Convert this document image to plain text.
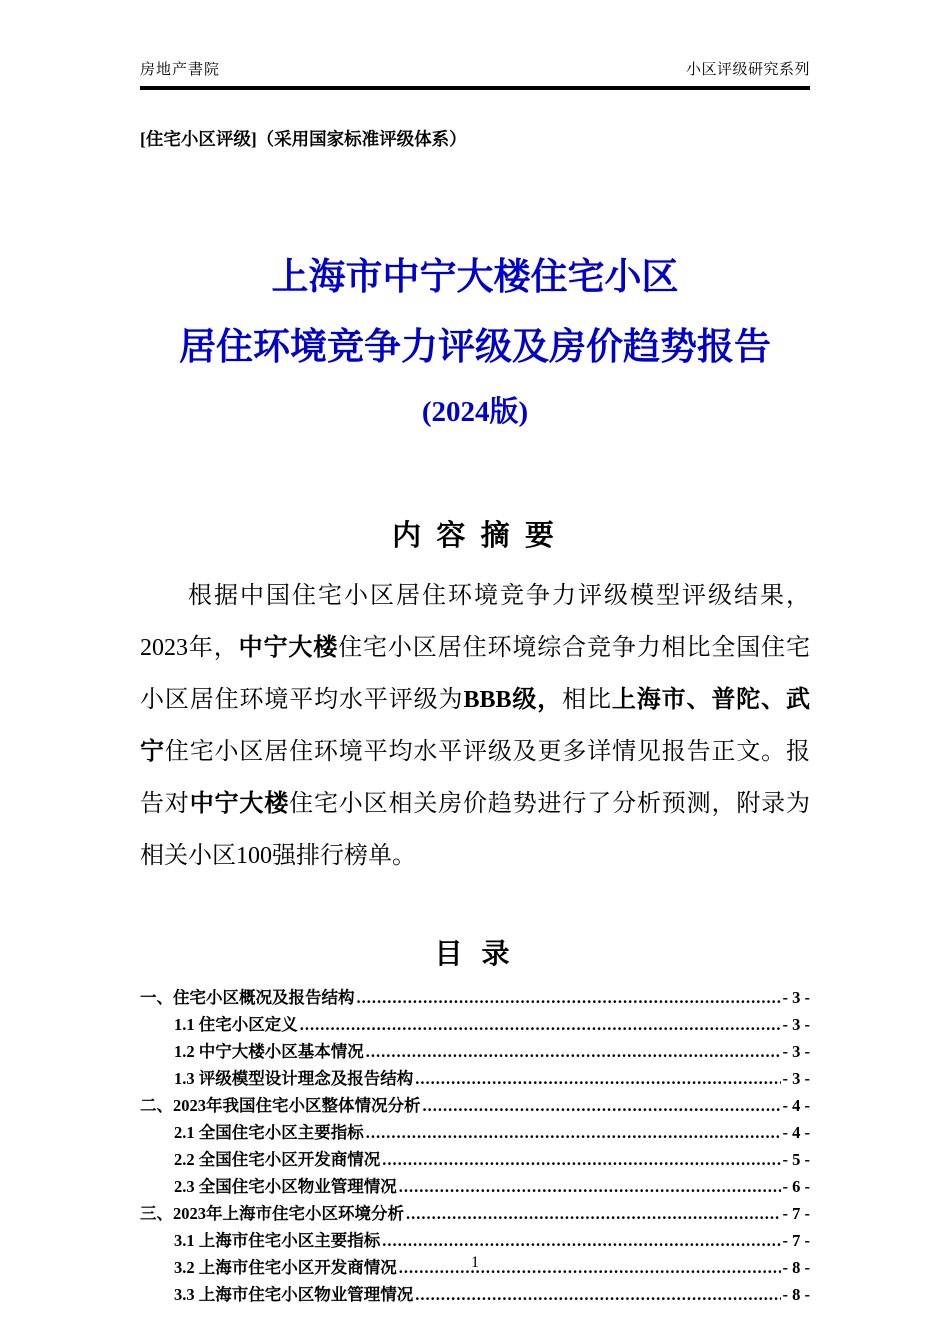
房地产書院	小区评级研究系列
[住宅小区评级]（采用国家标准评级体系）
上海市中宁大楼住宅小区
居住环境竞争力评级及房价趋势报告
(2024版)
内 容 摘 要

根据中国住宅小区居住环境竞争力评级模型评级结果，2023年，中宁大楼住宅小区居住环境综合竞争力相比全国住宅小区居住环境平均水平评级为BBB级，相比上海市、普陀、武宁住宅小区居住环境平均水平评级及更多详情见报告正文。报告对中宁大楼住宅小区相关房价趋势进行了分析预测，附录为相关小区100强排行榜单。

目 录
一、住宅小区概况及报告结构 .....	- 3 -
1.1 住宅小区定义 .....	- 3 -
1.2 中宁大楼小区基本情况 .....	- 3 -
1.3 评级模型设计理念及报告结构 .....	- 3 -
二、2023年我国住宅小区整体情况分析 .....	- 4 -
2.1 全国住宅小区主要指标 .....	- 4 -
2.2 全国住宅小区开发商情况 .....	- 5 -
2.3 全国住宅小区物业管理情况 .....	- 6 -
三、2023年上海市住宅小区环境分析 .....	- 7 -
3.1 上海市住宅小区主要指标 .....	- 7 -
3.2 上海市住宅小区开发商情况 .....	- 8 -
3.3 上海市住宅小区物业管理情况 .....	- 8 -
1
